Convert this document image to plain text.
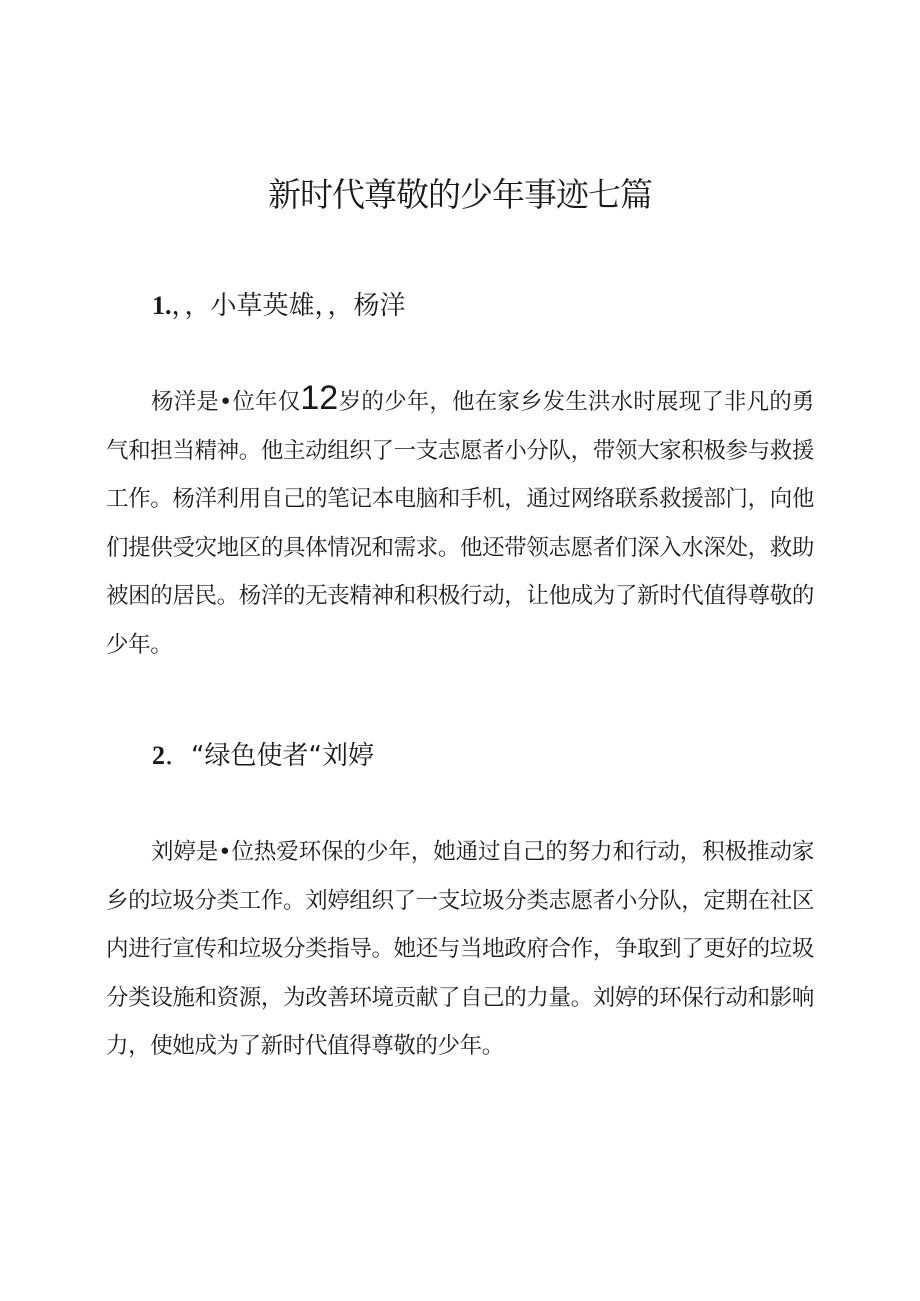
新时代尊敬的少年事迹七篇
1.，，小草英雄，，杨洋

杨洋是•位年仅12岁的少年，他在家乡发生洪水时展现了非凡的勇气和担当精神。他主动组织了一支志愿者小分队，带领大家积极参与救援工作。杨洋利用自己的笔记本电脑和手机，通过网络联系救援部门，向他们提供受灾地区的具体情况和需求。他还带领志愿者们深入水深处，救助被困的居民。杨洋的无丧精神和积极行动，让他成为了新时代值得尊敬的少年。

2．“绿色使者“刘婷

刘婷是•位热爱环保的少年，她通过自己的努力和行动，积极推动家乡的垃圾分类工作。刘婷组织了一支垃圾分类志愿者小分队，定期在社区内进行宣传和垃圾分类指导。她还与当地政府合作，争取到了更好的垃圾分类设施和资源，为改善环境贡献了自己的力量。刘婷的环保行动和影响力，使她成为了新时代值得尊敬的少年。
